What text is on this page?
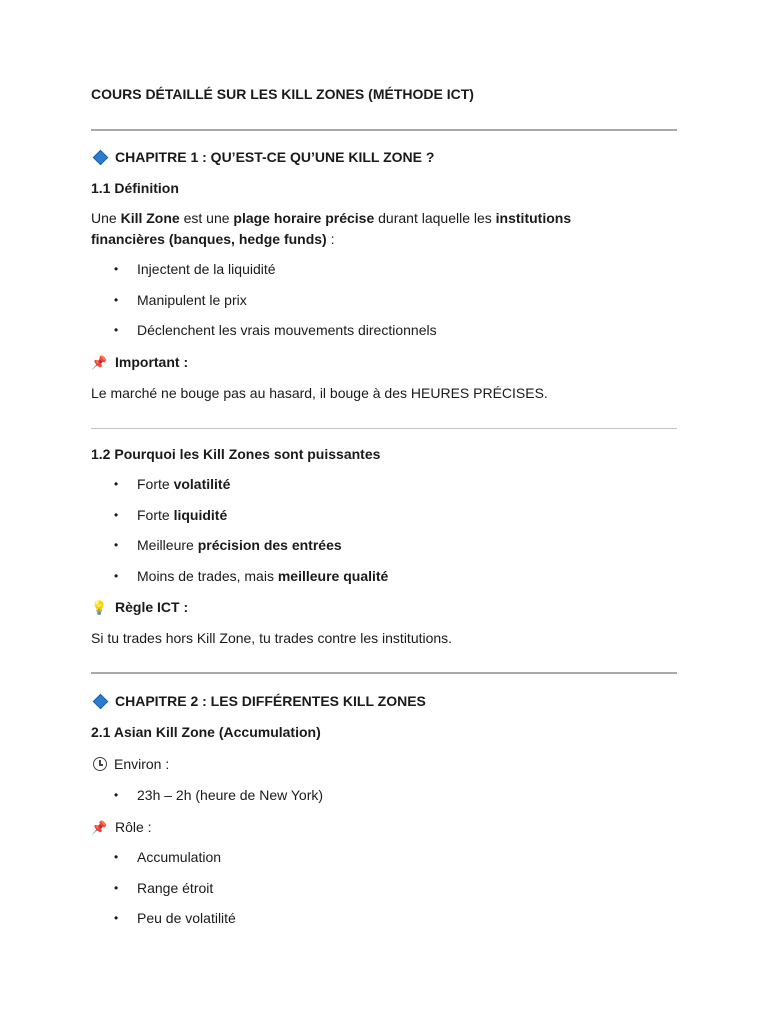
COURS DÉTAILLÉ SUR LES KILL ZONES (MÉTHODE ICT)
CHAPITRE 1 : QU’EST-CE QU’UNE KILL ZONE ?
1.1 Définition
Une Kill Zone est une plage horaire précise durant laquelle les institutions
financières (banques, hedge funds) :
• Injectent de la liquidité
• Manipulent le prix
• Déclenchent les vrais mouvements directionnels
📌 Important :
Le marché ne bouge pas au hasard, il bouge à des HEURES PRÉCISES.
1.2 Pourquoi les Kill Zones sont puissantes
• Forte volatilité
• Forte liquidité
• Meilleure précision des entrées
• Moins de trades, mais meilleure qualité
💡 Règle ICT :
Si tu trades hors Kill Zone, tu trades contre les institutions.
CHAPITRE 2 : LES DIFFÉRENTES KILL ZONES
2.1 Asian Kill Zone (Accumulation)
Environ :
• 23h – 2h (heure de New York)
📌 Rôle :
• Accumulation
• Range étroit
• Peu de volatilité
